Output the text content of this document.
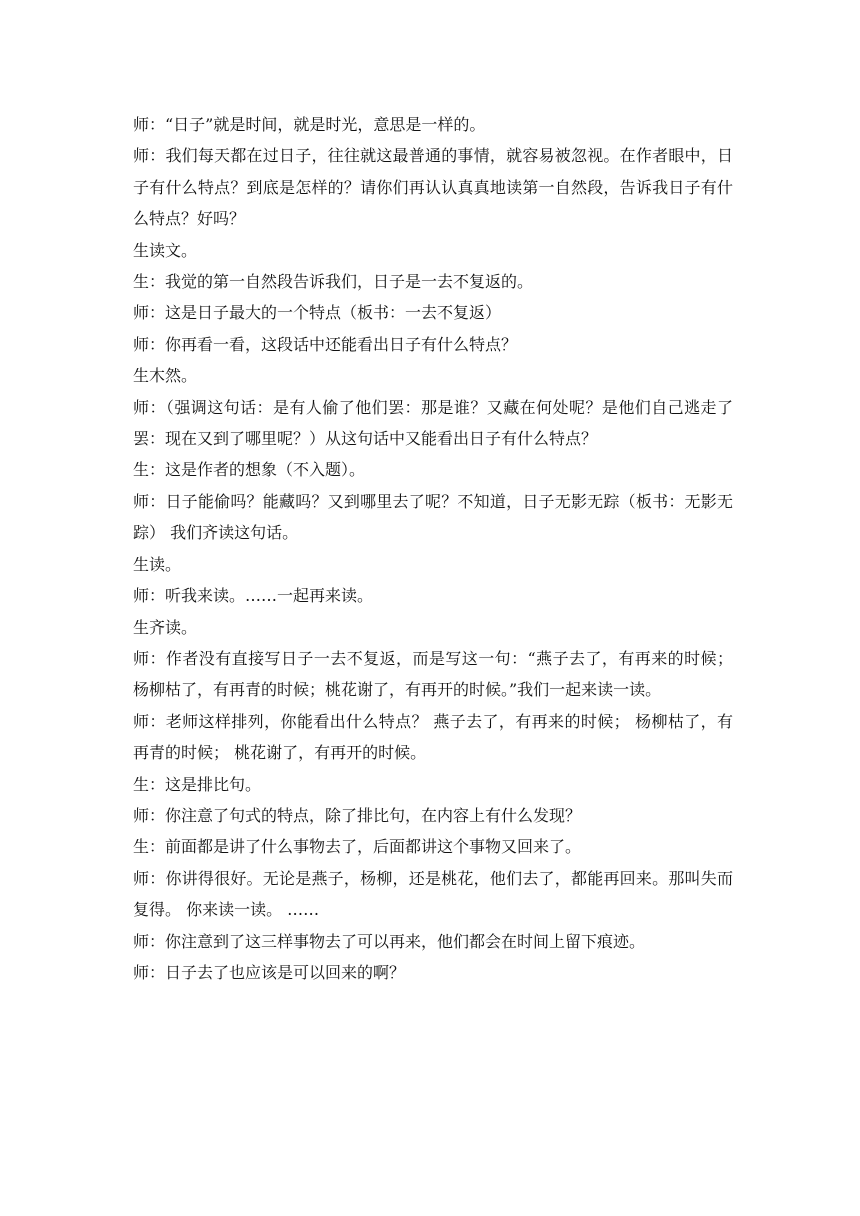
师：“日子”就是时间，就是时光，意思是一样的。

师：我们每天都在过日子，往往就这最普通的事情，就容易被忽视。在作者眼中，日子有什么特点？到底是怎样的？请你们再认认真真地读第一自然段，告诉我日子有什么特点？好吗？

生读文。

生：我觉的第一自然段告诉我们，日子是一去不复返的。

师：这是日子最大的一个特点（板书：一去不复返）

师：你再看一看，这段话中还能看出日子有什么特点？

生木然。

师：（强调这句话：是有人偷了他们罢：那是谁？又藏在何处呢？是他们自己逃走了罢：现在又到了哪里呢？）从这句话中又能看出日子有什么特点？

生：这是作者的想象（不入题）。

师：日子能偷吗？能藏吗？又到哪里去了呢？不知道，日子无影无踪（板书：无影无踪） 我们齐读这句话。

生读。

师：听我来读。……一起再来读。

生齐读。

师：作者没有直接写日子一去不复返，而是写这一句：“燕子去了，有再来的时候；杨柳枯了，有再青的时候；桃花谢了，有再开的时候。”我们一起来读一读。

师：老师这样排列，你能看出什么特点？ 燕子去了，有再来的时候； 杨柳枯了，有再青的时候； 桃花谢了，有再开的时候。

生：这是排比句。

师：你注意了句式的特点，除了排比句，在内容上有什么发现？

生：前面都是讲了什么事物去了，后面都讲这个事物又回来了。

师：你讲得很好。无论是燕子，杨柳，还是桃花，他们去了，都能再回来。那叫失而复得。 你来读一读。 ……

师：你注意到了这三样事物去了可以再来，他们都会在时间上留下痕迹。

师：日子去了也应该是可以回来的啊？
